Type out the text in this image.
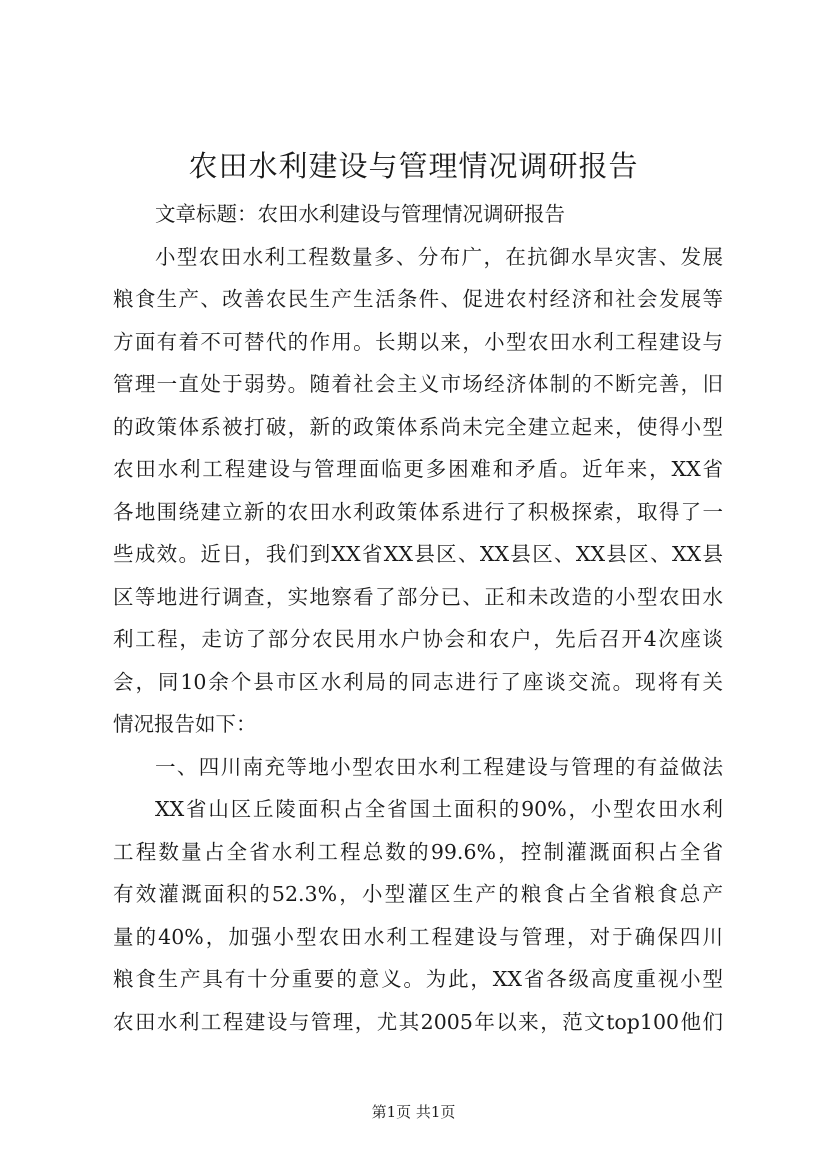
农田水利建设与管理情况调研报告
文章标题：农田水利建设与管理情况调研报告
小型农田水利工程数量多、分布广，在抗御水旱灾害、发展
粮食生产、改善农民生产生活条件、促进农村经济和社会发展等
方面有着不可替代的作用。长期以来，小型农田水利工程建设与
管理一直处于弱势。随着社会主义市场经济体制的不断完善，旧
的政策体系被打破，新的政策体系尚未完全建立起来，使得小型
农田水利工程建设与管理面临更多困难和矛盾。近年来，XX省
各地围绕建立新的农田水利政策体系进行了积极探索，取得了一
些成效。近日，我们到XX省XX县区、XX县区、XX县区、XX县
区等地进行调查，实地察看了部分已、正和未改造的小型农田水
利工程，走访了部分农民用水户协会和农户，先后召开4次座谈
会，同10余个县市区水利局的同志进行了座谈交流。现将有关
情况报告如下：
一、四川南充等地小型农田水利工程建设与管理的有益做法
XX省山区丘陵面积占全省国土面积的90%，小型农田水利
工程数量占全省水利工程总数的99.6%，控制灌溉面积占全省
有效灌溉面积的52.3%，小型灌区生产的粮食占全省粮食总产
量的40%，加强小型农田水利工程建设与管理，对于确保四川
粮食生产具有十分重要的意义。为此，XX省各级高度重视小型
农田水利工程建设与管理，尤其2005年以来，范文top100他们
第1页 共1页
